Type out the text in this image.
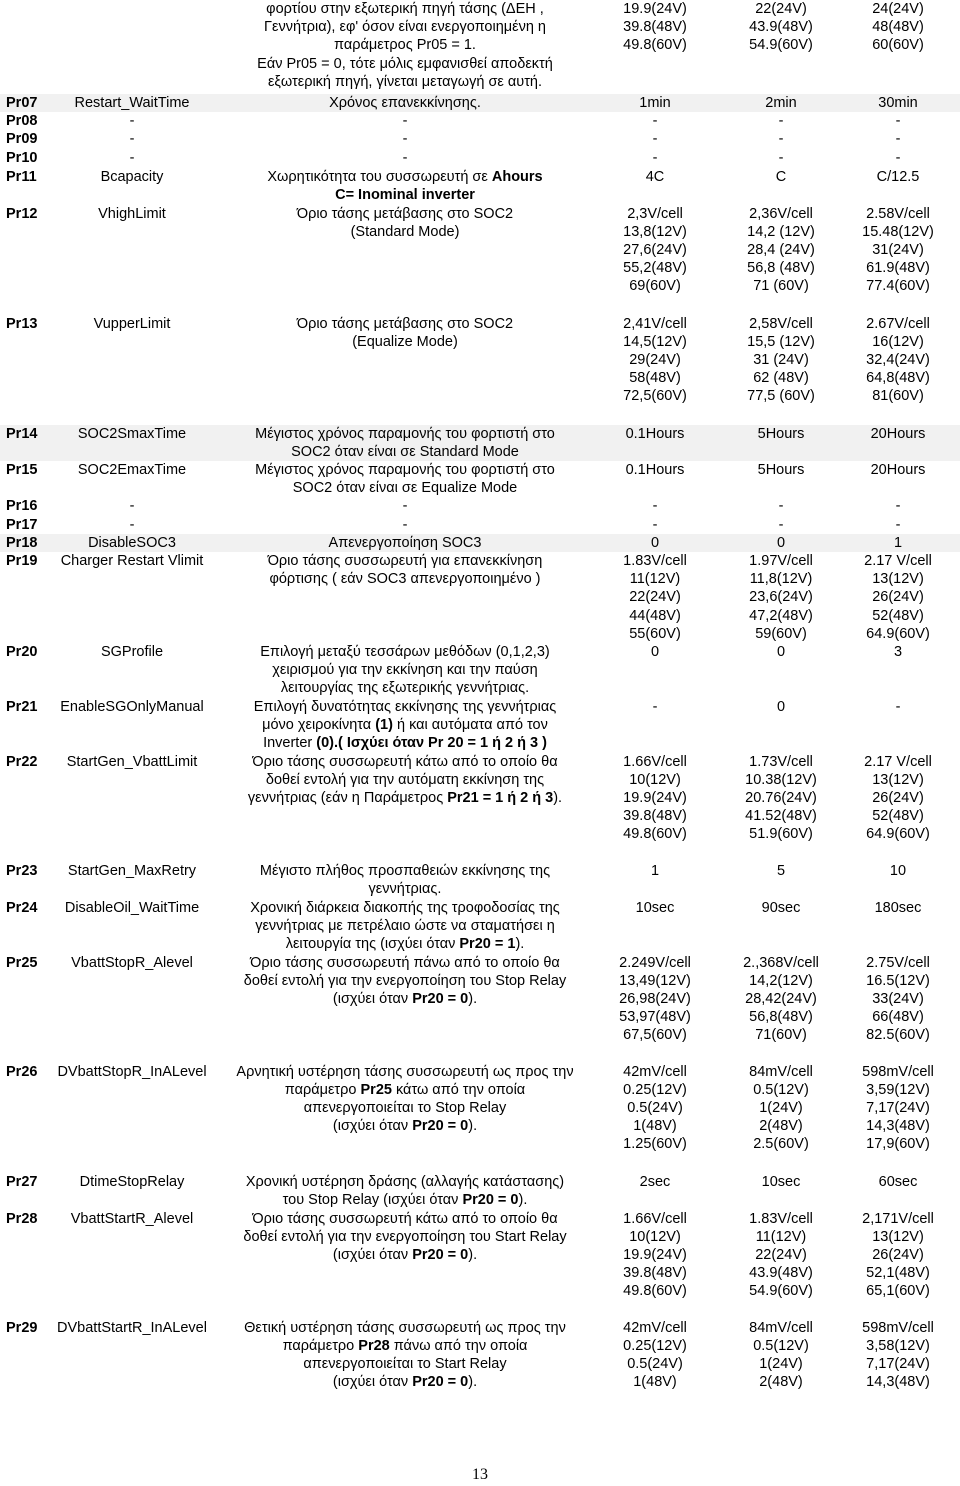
		φορτίου στην εξωτερική πηγή τάσης (ΔΕΗ ,
Γεννήτρια), εφ' όσον είναι ενεργοποιημένη η
παράμετρος Pr05 = 1.
Εάν Pr05 = 0, τότε μόλις εμφανισθεί αποδεκτή
εξωτερική πηγή, γίνεται μεταγωγή σε αυτή.	19.9(24V)
39.8(48V)
49.8(60V)	22(24V)
43.9(48V)
54.9(60V)	24(24V)
48(48V)
60(60V)

Pr07	Restart_WaitTime	Χρόνος επανεκκίνησης.	1min	2min	30min

Pr08	-	-	-	-	-

Pr09	-	-	-	-	-

Pr10	-	-	-	-	-

Pr11	Bcapacity	Χωρητικότητα του συσσωρευτή σε Ahours
C= Inominal inverter	4C	C	C/12.5

Pr12	VhighLimit	Όριο τάσης μετάβασης στο SOC2
(Standard Mode)	2,3V/cell
13,8(12V)
27,6(24V)
55,2(48V)
69(60V)	2,36V/cell
14,2 (12V)
28,4 (24V)
56,8 (48V)
71 (60V)	2.58V/cell
15.48(12V)
31(24V)
61.9(48V)
77.4(60V)

Pr13	VupperLimit	Όριο τάσης μετάβασης στο SOC2
(Equalize Mode)	2,41V/cell
14,5(12V)
29(24V)
58(48V)
72,5(60V)	2,58V/cell
15,5 (12V)
31 (24V)
62 (48V)
77,5 (60V)	2.67V/cell
16(12V)
32,4(24V)
64,8(48V)
81(60V)

Pr14	SOC2SmaxTime	Μέγιστος χρόνος παραμονής του φορτιστή στο
SOC2 όταν είναι σε Standard Mode	0.1Hours	5Hours	20Hours

Pr15	SOC2EmaxTime	Μέγιστος χρόνος παραμονής του φορτιστή στο
SOC2 όταν είναι σε Equalize Mode	0.1Hours	5Hours	20Hours

Pr16	-	-	-	-	-

Pr17	-	-	-	-	-

Pr18	DisableSOC3	Απενεργοποίηση SOC3	0	0	1

Pr19	Charger Restart Vlimit	Όριο τάσης συσσωρευτή για επανεκκίνηση
φόρτισης ( εάν SOC3 απενεργοποιημένο )	1.83V/cell
11(12V)
22(24V)
44(48V)
55(60V)	1.97V/cell
11,8(12V)
23,6(24V)
47,2(48V)
59(60V)	2.17 V/cell
13(12V)
26(24V)
52(48V)
64.9(60V)

Pr20	SGProfile	Επιλογή μεταξύ τεσσάρων μεθόδων (0,1,2,3)
χειρισμού για την εκκίνηση και την παύση
λειτουργίας της εξωτερικής γεννήτριας.	0	0	3

Pr21	EnableSGOnlyManual	Επιλογή δυνατότητας εκκίνησης της γεννήτριας
μόνο χειροκίνητα (1) ή και αυτόματα από τον
Inverter (0).( Ισχύει όταν Pr 20 = 1 ή 2 ή 3 )	-	0	-

Pr22	StartGen_VbattLimit	Όριο τάσης συσσωρευτή κάτω από το οποίο θα
δοθεί εντολή για την αυτόματη εκκίνηση της
γεννήτριας (εάν η Παράμετρος Pr21 = 1 ή 2 ή 3).	1.66V/cell
10(12V)
19.9(24V)
39.8(48V)
49.8(60V)	1.73V/cell
10.38(12V)
20.76(24V)
41.52(48V)
51.9(60V)	2.17 V/cell
13(12V)
26(24V)
52(48V)
64.9(60V)

Pr23	StartGen_MaxRetry	Μέγιστο πλήθος προσπαθειών εκκίνησης της
γεννήτριας.	1	5	10

Pr24	DisableOil_WaitTime	Χρονική διάρκεια διακοπής της τροφοδοσίας της
γεννήτριας με πετρέλαιο ώστε να σταματήσει η
λειτουργία της (ισχύει όταν Pr20 = 1).	10sec	90sec	180sec

Pr25	VbattStopR_Alevel	Όριο τάσης συσσωρευτή πάνω από το οποίο θα
δοθεί εντολή για την ενεργοποίηση του Stop Relay
(ισχύει όταν Pr20 = 0).	2.249V/cell
13,49(12V)
26,98(24V)
53,97(48V)
67,5(60V)	2.,368V/cell
14,2(12V)
28,42(24V)
56,8(48V)
71(60V)	2.75V/cell
16.5(12V)
33(24V)
66(48V)
82.5(60V)

Pr26	DVbattStopR_InALevel	Αρνητική υστέρηση τάσης συσσωρευτή ως προς την
παράμετρο Pr25 κάτω από την οποία
απενεργοποιείται το Stop Relay
(ισχύει όταν Pr20 = 0).	42mV/cell
0.25(12V)
0.5(24V)
1(48V)
1.25(60V)	84mV/cell
0.5(12V)
1(24V)
2(48V)
2.5(60V)	598mV/cell
3,59(12V)
7,17(24V)
14,3(48V)
17,9(60V)

Pr27	DtimeStopRelay	Χρονική υστέρηση δράσης (αλλαγής κατάστασης)
του Stop Relay (ισχύει όταν Pr20 = 0).	2sec	10sec	60sec

Pr28	VbattStartR_Alevel	Όριο τάσης συσσωρευτή κάτω από το οποίο θα
δοθεί εντολή για την ενεργοποίηση του Start Relay
(ισχύει όταν Pr20 = 0).	1.66V/cell
10(12V)
19.9(24V)
39.8(48V)
49.8(60V)	1.83V/cell
11(12V)
22(24V)
43.9(48V)
54.9(60V)	2,171V/cell
13(12V)
26(24V)
52,1(48V)
65,1(60V)

Pr29	DVbattStartR_InALevel	Θετική υστέρηση τάσης συσσωρευτή ως προς την
παράμετρο Pr28 πάνω από την οποία
απενεργοποιείται το Start Relay
(ισχύει όταν Pr20 = 0).	42mV/cell
0.25(12V)
0.5(24V)
1(48V)	84mV/cell
0.5(12V)
1(24V)
2(48V)	598mV/cell
3,58(12V)
7,17(24V)
14,3(48V)
13
